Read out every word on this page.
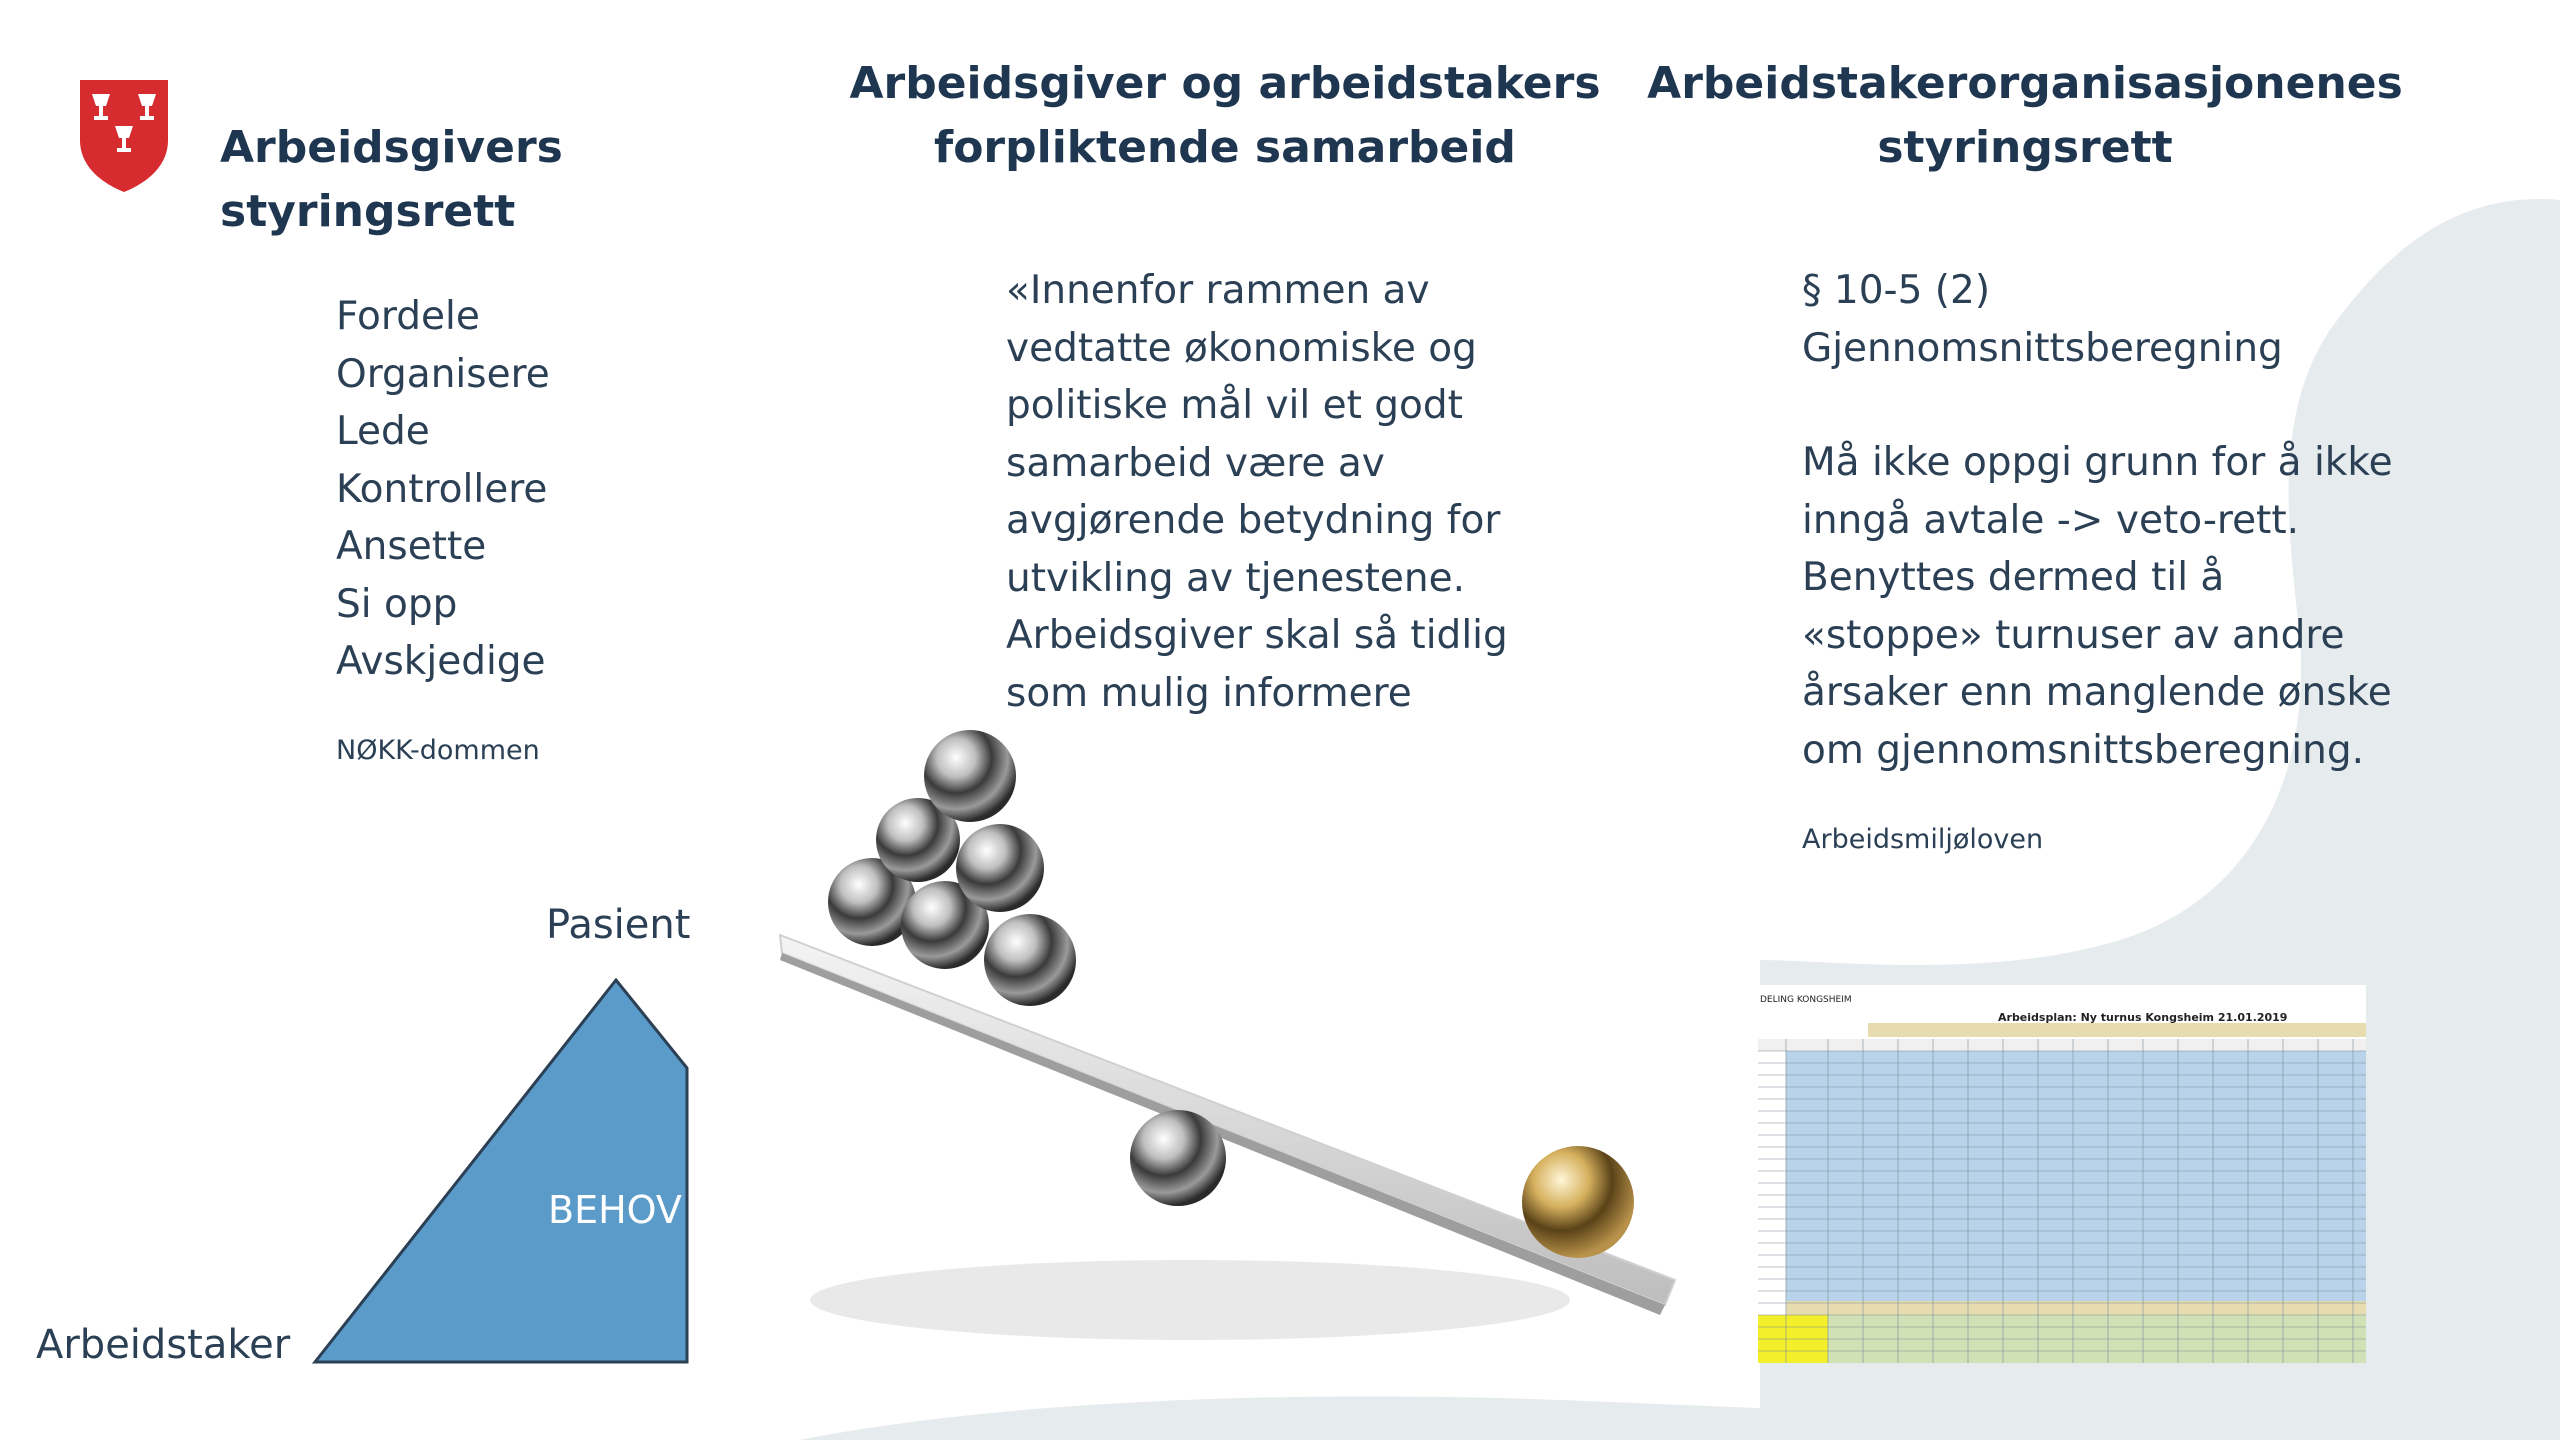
Arbeidsgivers styringsrett
Arbeidsgiver og arbeidstakers
forpliktende samarbeid
Arbeidstakerorganisasjonenes
styringsrett
Fordele
Organisere
Lede
Kontrollere
Ansette
Si opp
Avskjedige
NØKK-dommen

«Innenfor rammen av

vedtatte økonomiske og

politiske mål vil et godt

samarbeid være av

avgjørende betydning for

utvikling av tjenestene.

Arbeidsgiver skal så tidlig

som mulig informere

§ 10-5 (2)

Gjennomsnittsberegning

Må ikke oppgi grunn for å ikke

inngå avtale -> veto-rett.

Benyttes dermed til å

«stoppe» turnuser av andre

årsaker enn manglende ønske

om gjennomsnittsberegning.

Arbeidsmiljøloven
Pasient
Arbeidstaker
BEHOV
Arbeidsplan: Ny turnus Kongsheim 21.01.2019
DELING KONGSHEIM
